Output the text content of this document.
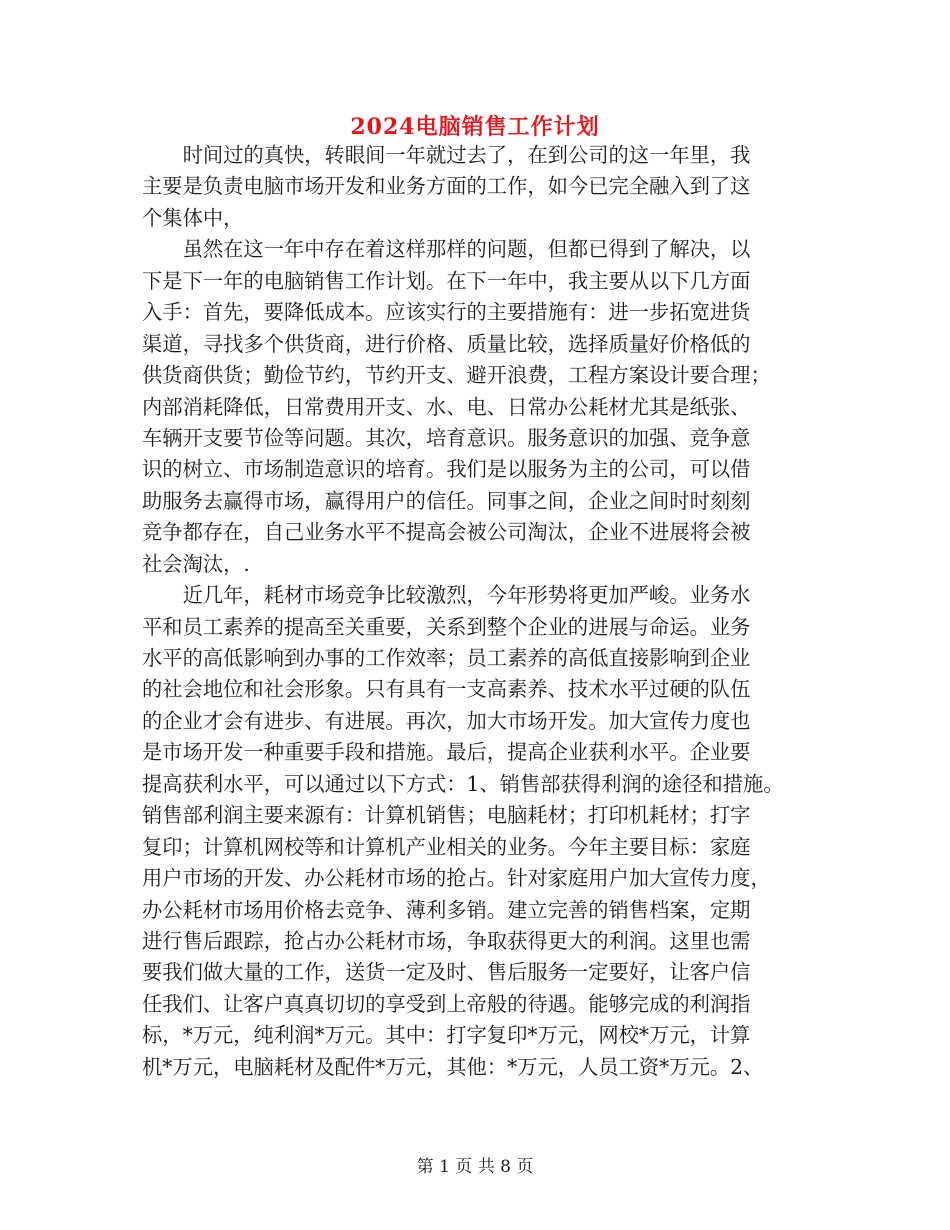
2024电脑销售工作计划
　　时间过的真快，转眼间一年就过去了，在到公司的这一年里，我
主要是负责电脑市场开发和业务方面的工作，如今已完全融入到了这
个集体中，
　　虽然在这一年中存在着这样那样的问题，但都已得到了解决，以
下是下一年的电脑销售工作计划。在下一年中，我主要从以下几方面
入手：首先，要降低成本。应该实行的主要措施有：进一步拓宽进货
渠道，寻找多个供货商，进行价格、质量比较，选择质量好价格低的
供货商供货；勤俭节约，节约开支、避开浪费，工程方案设计要合理；
内部消耗降低，日常费用开支、水、电、日常办公耗材尤其是纸张、
车辆开支要节俭等问题。其次，培育意识。服务意识的加强、竞争意
识的树立、市场制造意识的培育。我们是以服务为主的公司，可以借
助服务去赢得市场，赢得用户的信任。同事之间，企业之间时时刻刻
竞争都存在，自己业务水平不提高会被公司淘汰，企业不进展将会被
社会淘汰，.
　　近几年，耗材市场竞争比较激烈，今年形势将更加严峻。业务水
平和员工素养的提高至关重要，关系到整个企业的进展与命运。业务
水平的高低影响到办事的工作效率；员工素养的高低直接影响到企业
的社会地位和社会形象。只有具有一支高素养、技术水平过硬的队伍
的企业才会有进步、有进展。再次，加大市场开发。加大宣传力度也
是市场开发一种重要手段和措施。最后，提高企业获利水平。企业要
提高获利水平，可以通过以下方式：1、销售部获得利润的途径和措施。
销售部利润主要来源有：计算机销售；电脑耗材；打印机耗材；打字
复印；计算机网校等和计算机产业相关的业务。今年主要目标：家庭
用户市场的开发、办公耗材市场的抢占。针对家庭用户加大宣传力度，
办公耗材市场用价格去竞争、薄利多销。建立完善的销售档案，定期
进行售后跟踪，抢占办公耗材市场，争取获得更大的利润。这里也需
要我们做大量的工作，送货一定及时、售后服务一定要好，让客户信
任我们、让客户真真切切的享受到上帝般的待遇。能够完成的利润指
标，*万元，纯利润*万元。其中：打字复印*万元，网校*万元，计算
机*万元，电脑耗材及配件*万元，其他：*万元，人员工资*万元。2、
第 1 页 共 8 页
